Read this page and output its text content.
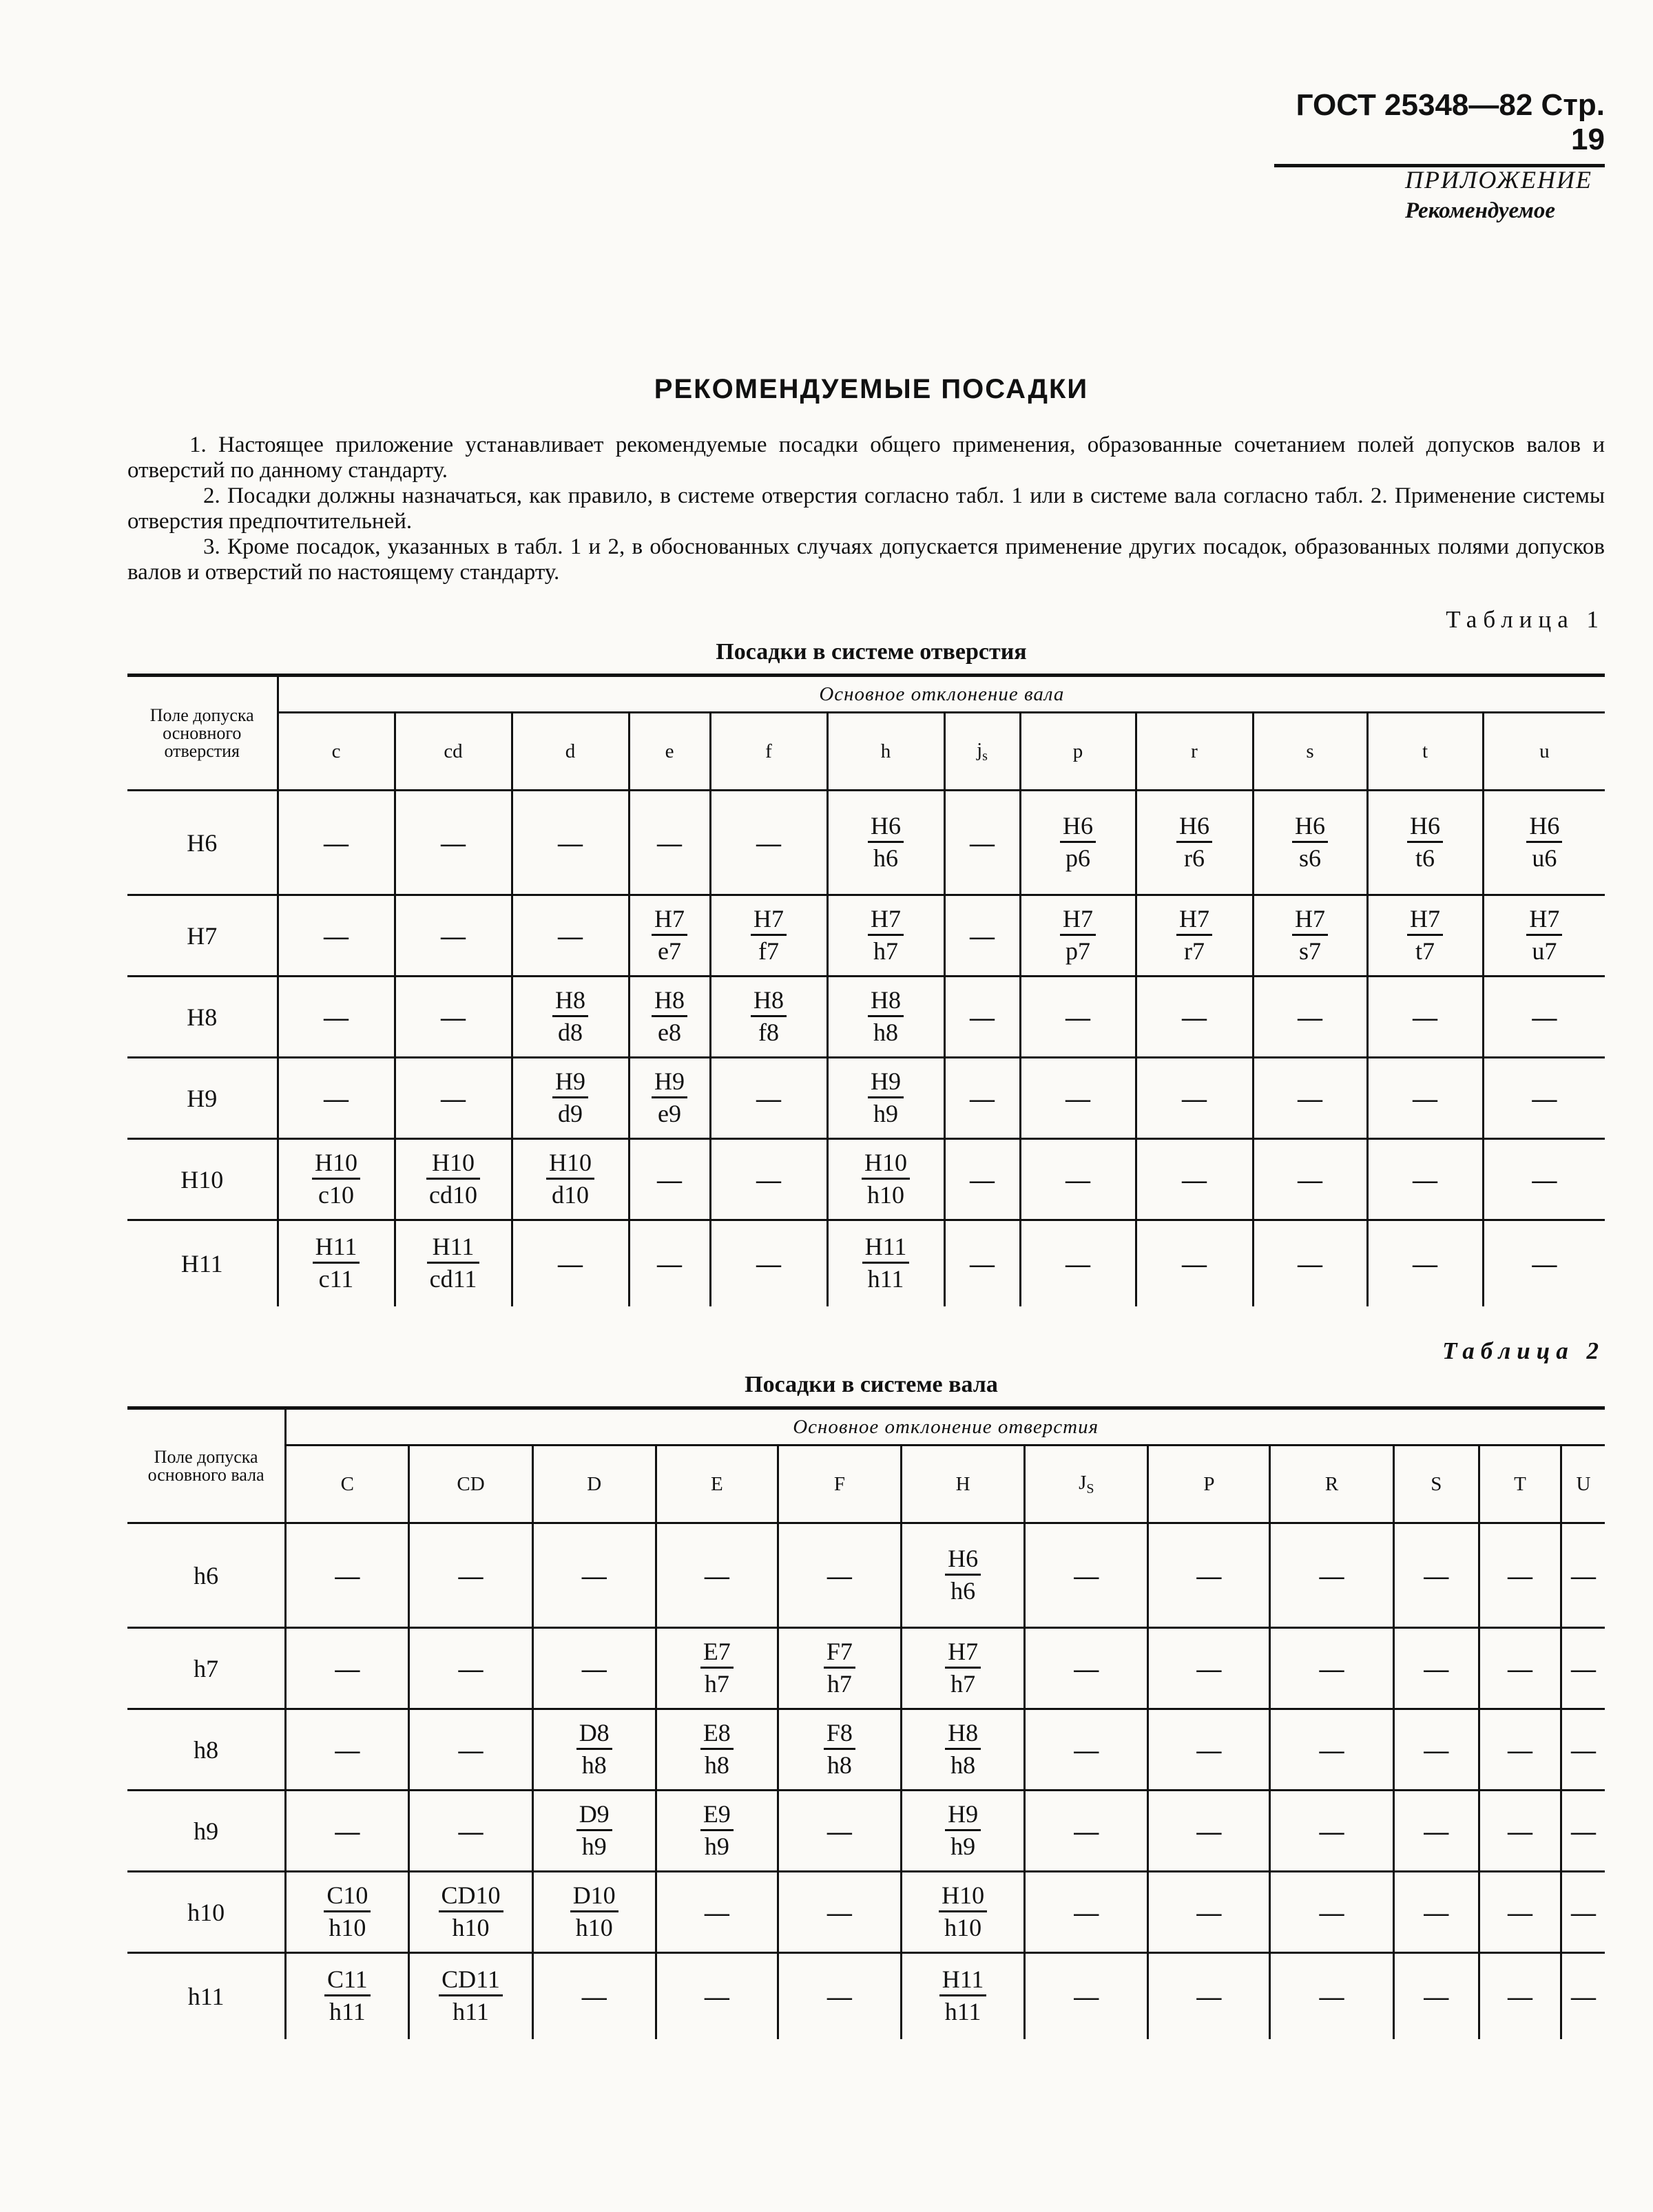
ГОСТ 25348—82 Стр. 19
ПРИЛОЖЕНИЕ
Рекомендуемое
РЕКОМЕНДУЕМЫЕ ПОСАДКИ

1. Настоящее приложение устанавливает рекомендуемые посадки общего применения, образованные сочетанием полей допусков валов и отверстий по данному стандарту.

2. Посадки должны назначаться, как правило, в системе отверстия согласно табл. 1 или в системе вала согласно табл. 2. Применение системы отверстия предпочтительней.

3. Кроме посадок, указанных в табл. 1 и 2, в обоснованных случаях допускается применение других посадок, образованных полями допусков валов и отверстий по настоящему стандарту.

Таблица 1
Посадки в системе отверстия
Поле допуска основного отверстия	Основное отклонение вала											
	c	cd	d	e	f	h	$j_s$	p	r	s	t	u
H6	—	—	—	—	—	$\frac{H6}{h6}$	—	$\frac{H6}{p6}$	$\frac{H6}{r6}$	$\frac{H6}{s6}$	$\frac{H6}{t6}$	$\frac{H6}{u6}$

H7	—	—	—	$\frac{H7}{e7}$	$\frac{H7}{f7}$	$\frac{H7}{h7}$	—	$\frac{H7}{p7}$	$\frac{H7}{r7}$	$\frac{H7}{s7}$	$\frac{H7}{t7}$	$\frac{H7}{u7}$

H8	—	—	$\frac{H8}{d8}$	$\frac{H8}{e8}$	$\frac{H8}{f8}$	$\frac{H8}{h8}$	—	—	—	—	—	—
H9	—	—	$\frac{H9}{d9}$	$\frac{H9}{e9}$	—	$\frac{H9}{h9}$	—	—	—	—	—	—
H10	$\frac{H10}{c10}$	$\frac{H10}{cd10}$	$\frac{H10}{d10}$	—	—	$\frac{H10}{h10}$	—	—	—	—	—	—
H11	$\frac{H11}{c11}$	$\frac{H11}{cd11}$	—	—	—	$\frac{H11}{h11}$	—	—	—	—	—	—
Таблица 2
Посадки в системе вала
Поле допуска основного вала	Основное отклонение отверстия											
	C	CD	D	E	F	H	$J_S$	P	R	S	T	U
h6	—	—	—	—	—	$\frac{H6}{h6}$	—	—	—	—	—	—
h7	—	—	—	$\frac{E7}{h7}$	$\frac{F7}{h7}$	$\frac{H7}{h7}$	—	—	—	—	—	—
h8	—	—	$\frac{D8}{h8}$	$\frac{E8}{h8}$	$\frac{F8}{h8}$	$\frac{H8}{h8}$	—	—	—	—	—	—
h9	—	—	$\frac{D9}{h9}$	$\frac{E9}{h9}$	—	$\frac{H9}{h9}$	—	—	—	—	—	—
h10	$\frac{C10}{h10}$	$\frac{CD10}{h10}$	$\frac{D10}{h10}$	—	—	$\frac{H10}{h10}$	—	—	—	—	—	—
h11	$\frac{C11}{h11}$	$\frac{CD11}{h11}$	—	—	—	$\frac{H11}{h11}$	—	—	—	—	—	—
